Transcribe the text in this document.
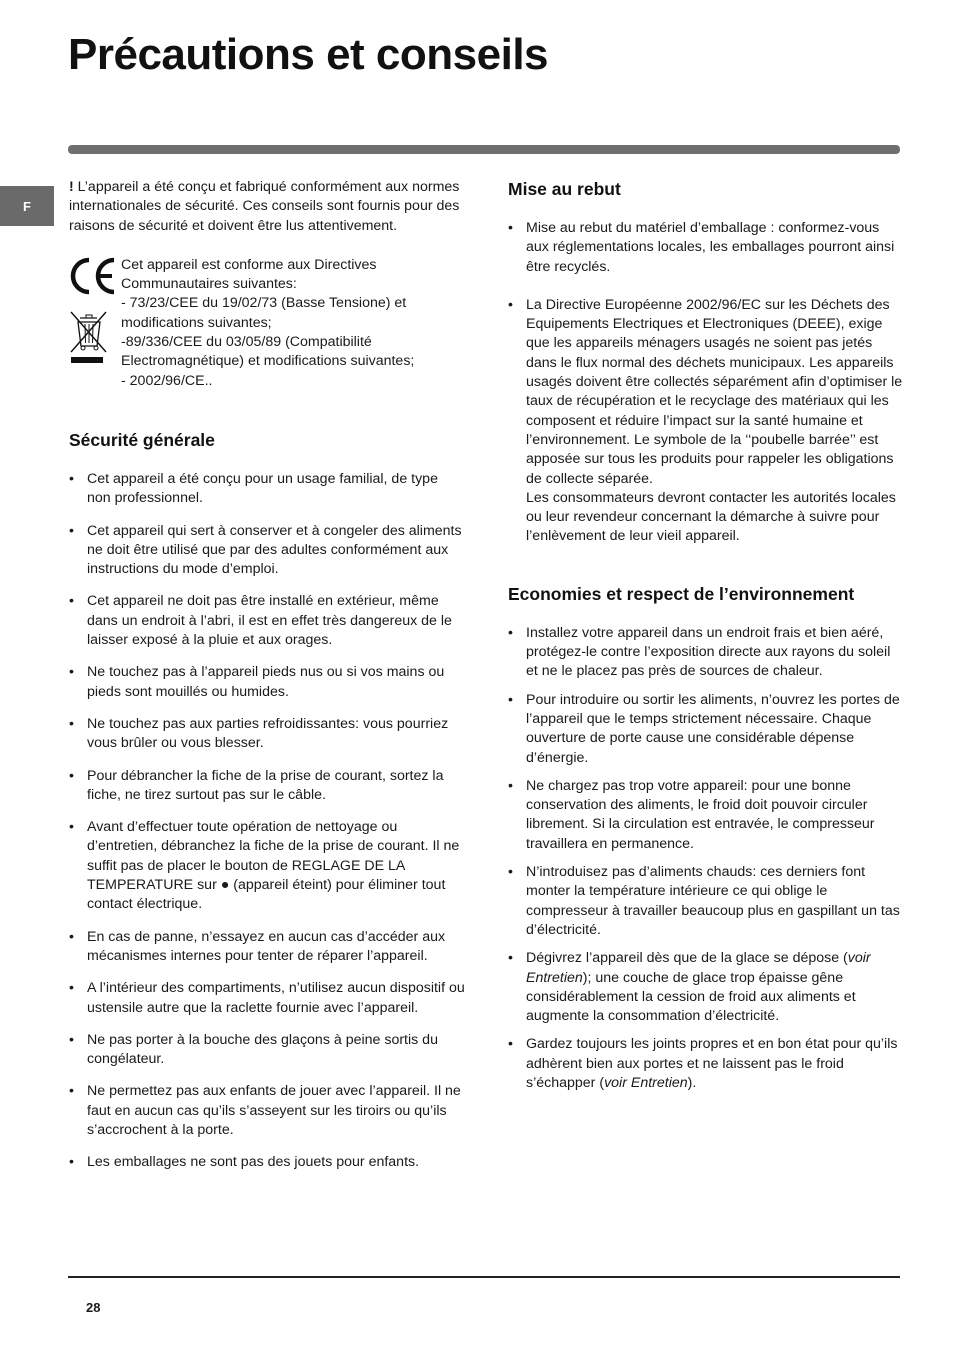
Précautions et conseils
F

! L’appareil a été conçu et fabriqué conformément aux normes internationales de sécurité. Ces conseils sont fournis pour des raisons de sécurité et doivent être lus attentivement.

Cet appareil est conforme aux Directives Communautaires suivantes:

- 73/23/CEE du 19/02/73 (Basse Tensione) et modifications suivantes;

-89/336/CEE du 03/05/89 (Compatibilité Electromagnétique) et modifications suivantes;

- 2002/96/CE..

Sécurité générale
• Cet appareil a été conçu pour un usage familial, de type non professionnel.
• Cet appareil qui sert à conserver et à congeler des aliments ne doit être utilisé que par des adultes conformément aux instructions du mode d’emploi.
• Cet appareil ne doit pas être installé en extérieur, même dans un endroit à l’abri, il est en effet très dangereux de le laisser exposé à la pluie et aux orages.
• Ne touchez pas à l’appareil pieds nus ou si vos mains ou pieds sont mouillés ou humides.
• Ne touchez pas aux parties refroidissantes: vous pourriez vous brûler ou vous blesser.
• Pour débrancher la fiche de la prise de courant, sortez la fiche, ne tirez surtout pas sur le câble.
• Avant d’effectuer toute opération de nettoyage ou d’entretien, débranchez la fiche de la prise de courant. Il ne suffit pas de placer le bouton de REGLAGE DE LA TEMPERATURE sur ● (appareil éteint) pour éliminer tout contact électrique.
• En cas de panne, n’essayez en aucun cas d’accéder aux mécanismes internes pour tenter de réparer l’appareil.
• A l’intérieur des compartiments, n’utilisez aucun dispositif ou ustensile autre que la raclette fournie avec l’appareil.
• Ne pas porter à la bouche des glaçons à peine sortis du congélateur.
• Ne permettez pas aux enfants de jouer avec l’appareil. Il ne faut en aucun cas qu’ils s’asseyent sur les tiroirs ou qu’ils s’accrochent à la porte.
• Les emballages ne sont pas des jouets pour enfants.
Mise au rebut
• Mise au rebut du matériel d’emballage : conformez-vous aux réglementations locales, les emballages pourront ainsi être recyclés.
• La Directive Européenne 2002/96/EC sur les Déchets des Equipements Electriques et Electroniques (DEEE), exige que les appareils ménagers usagés ne soient pas jetés dans le flux normal des déchets municipaux. Les appareils usagés doivent être collectés séparément afin d’optimiser le taux de récupération et le recyclage des matériaux qui les composent et réduire l’impact sur la santé humaine et l’environnement. Le symbole de la ‘‘poubelle barrée’’ est apposée sur tous les produits pour rappeler les obligations de collecte séparée.
Les consommateurs devront contacter les autorités locales ou leur revendeur concernant la démarche à suivre pour l’enlèvement de leur vieil appareil.
Economies et respect de l’environnement
• Installez votre appareil dans un endroit frais et bien aéré, protégez-le contre l’exposition directe aux rayons du soleil et ne le placez pas près de sources de chaleur.
• Pour introduire ou sortir les aliments, n’ouvrez les portes de l’appareil que le temps strictement nécessaire. Chaque ouverture de porte cause une considérable dépense d’énergie.
• Ne chargez pas trop votre appareil: pour une bonne conservation des aliments, le froid doit pouvoir circuler librement. Si la circulation est entravée, le compresseur travaillera en permanence.
• N’introduisez pas d’aliments chauds: ces derniers font monter la température intérieure ce qui oblige le compresseur à travailler beaucoup plus en gaspillant un tas d’électricité.
• Dégivrez l’appareil dès que de la glace se dépose (voir Entretien); une couche de glace trop épaisse gêne considérablement la cession de froid aux aliments et augmente la consommation d’électricité.
• Gardez toujours les joints propres et en bon état pour qu’ils adhèrent bien aux portes et ne laissent pas le froid s’échapper (voir Entretien).
28
